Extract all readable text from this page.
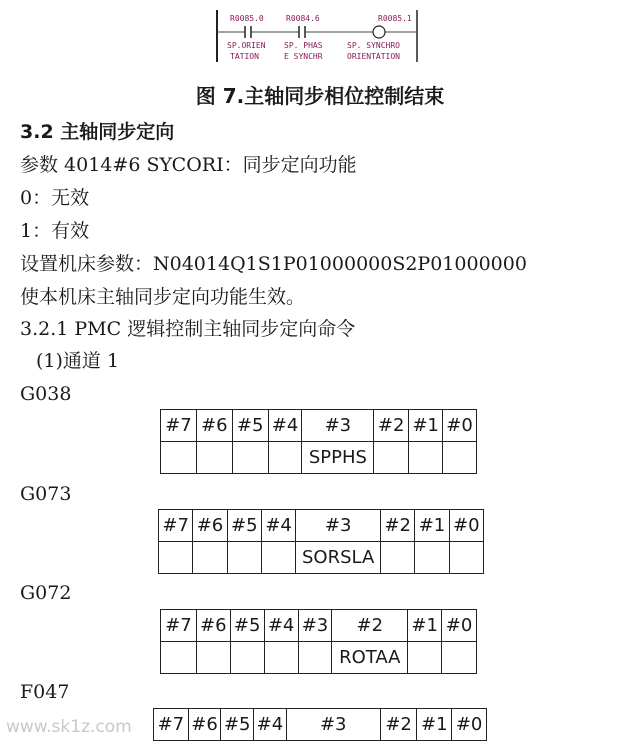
R0085.0
SP.ORIEN
TATION
R0084.6
SP. PHAS
E SYNCHR
R0085.1
SP. SYNCHRO
ORIENTATION
图 7.主轴同步相位控制结束
3.2 主轴同步定向
参数 4014#6 SYCORI：同步定向功能
0：无效
1：有效
设置机床参数：N04014Q1S1P01000000S2P01000000
使本机床主轴同步定向功能生效。
3.2.1 PMC 逻辑控制主轴同步定向命令
(1)通道 1
G038
#7	#6	#5	#4	#3	#2	#1	#0
				SPPHS			
G073
#7	#6	#5	#4	#3	#2	#1	#0
				SORSLA			
G072
#7	#6	#5	#4	#3	#2	#1	#0
					ROTAA		
F047
#7	#6	#5	#4	#3	#2	#1	#0
www.sk1z.com
